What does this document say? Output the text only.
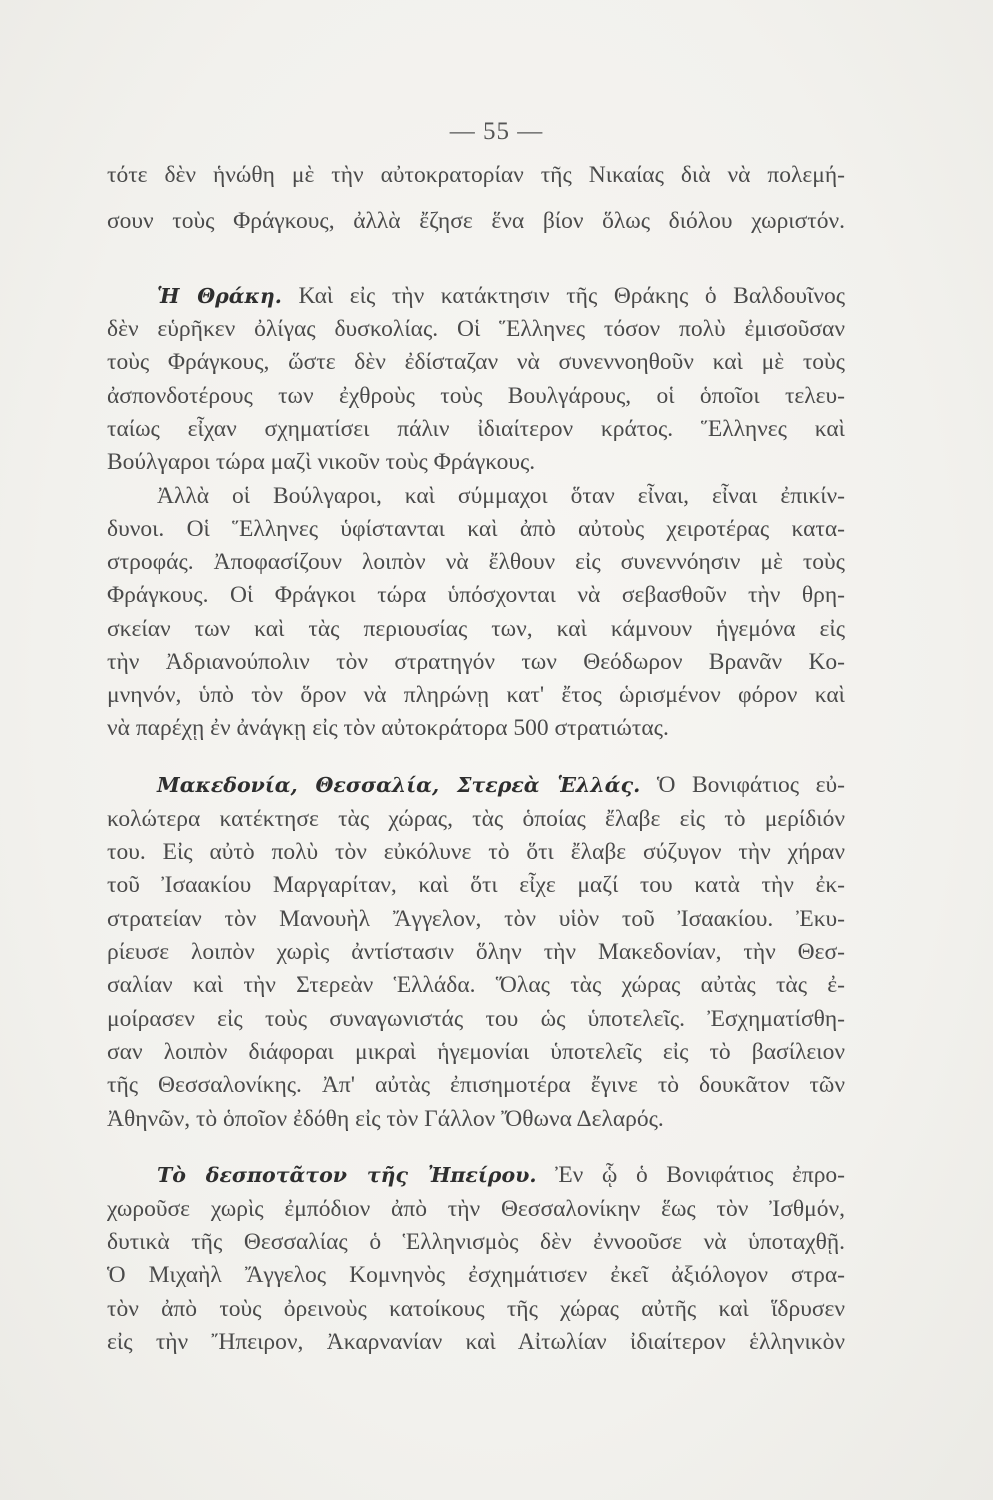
— 55 —
τότε δὲν ἡνώθη μὲ τὴν αὐτοκρατορίαν τῆς Νικαίας διὰ νὰ πολεμή-
σουν τοὺς Φράγκους, ἀλλὰ ἔζησε ἕνα βίον ὅλως διόλου χωριστόν.
Ἡ Θράκη. Καὶ εἰς τὴν κατάκτησιν τῆς Θράκης ὁ Βαλδουῖνος
δὲν εὑρῆκεν ὀλίγας δυσκολίας. Οἱ Ἕλληνες τόσον πολὺ ἐμισοῦσαν
τοὺς Φράγκους, ὥστε δὲν ἐδίσταζαν νὰ συνεννοηθοῦν καὶ μὲ τοὺς
ἀσπονδοτέρους των ἐχθροὺς τοὺς Βουλγάρους, οἱ ὁποῖοι τελευ-
ταίως εἶχαν σχηματίσει πάλιν ἰδιαίτερον κράτος. Ἕλληνες καὶ
Βούλγαροι τώρα μαζὶ νικοῦν τοὺς Φράγκους.
Ἀλλὰ οἱ Βούλγαροι, καὶ σύμμαχοι ὅταν εἶναι, εἶναι ἐπικίν-
δυνοι. Οἱ Ἕλληνες ὑφίστανται καὶ ἀπὸ αὐτοὺς χειροτέρας κατα-
στροφάς. Ἀποφασίζουν λοιπὸν νὰ ἔλθουν εἰς συνεννόησιν μὲ τοὺς
Φράγκους. Οἱ Φράγκοι τώρα ὑπόσχονται νὰ σεβασθοῦν τὴν θρη-
σκείαν των καὶ τὰς περιουσίας των, καὶ κάμνουν ἡγεμόνα εἰς
τὴν Ἀδριανούπολιν τὸν στρατηγόν των Θεόδωρον Βρανᾶν Κο-
μνηνόν, ὑπὸ τὸν ὅρον νὰ πληρώνῃ κατ' ἔτος ὡρισμένον φόρον καὶ
νὰ παρέχῃ ἐν ἀνάγκῃ εἰς τὸν αὐτοκράτορα 500 στρατιώτας.
Μακεδονία, Θεσσαλία, Στερεὰ Ἑλλάς. Ὁ Βονιφάτιος εὐ-
κολώτερα κατέκτησε τὰς χώρας, τὰς ὁποίας ἔλαβε εἰς τὸ μερίδιόν
του. Εἰς αὐτὸ πολὺ τὸν εὐκόλυνε τὸ ὅτι ἔλαβε σύζυγον τὴν χήραν
τοῦ Ἰσαακίου Μαργαρίταν, καὶ ὅτι εἶχε μαζί του κατὰ τὴν ἐκ-
στρατείαν τὸν Μανουὴλ Ἄγγελον, τὸν υἱὸν τοῦ Ἰσαακίου. Ἐκυ-
ρίευσε λοιπὸν χωρὶς ἀντίστασιν ὅλην τὴν Μακεδονίαν, τὴν Θεσ-
σαλίαν καὶ τὴν Στερεὰν Ἑλλάδα. Ὅλας τὰς χώρας αὐτὰς τὰς ἐ-
μοίρασεν εἰς τοὺς συναγωνιστάς του ὡς ὑποτελεῖς. Ἐσχηματίσθη-
σαν λοιπὸν διάφοραι μικραὶ ἡγεμονίαι ὑποτελεῖς εἰς τὸ βασίλειον
τῆς Θεσσαλονίκης. Ἀπ' αὐτὰς ἐπισημοτέρα ἔγινε τὸ δουκᾶτον τῶν
Ἀθηνῶν, τὸ ὁποῖον ἐδόθη εἰς τὸν Γάλλον Ὄθωνα Δελαρός.
Τὸ δεσποτᾶτον τῆς Ἠπείρου. Ἐν ᾧ ὁ Βονιφάτιος ἐπρο-
χωροῦσε χωρὶς ἐμπόδιον ἀπὸ τὴν Θεσσαλονίκην ἕως τὸν Ἰσθμόν,
δυτικὰ τῆς Θεσσαλίας ὁ Ἑλληνισμὸς δὲν ἐννοοῦσε νὰ ὑποταχθῇ.
Ὁ Μιχαὴλ Ἄγγελος Κομνηνὸς ἐσχημάτισεν ἐκεῖ ἀξιόλογον στρα-
τὸν ἀπὸ τοὺς ὀρεινοὺς κατοίκους τῆς χώρας αὐτῆς καὶ ἵδρυσεν
εἰς τὴν Ἤπειρον, Ἀκαρνανίαν καὶ Αἰτωλίαν ἰδιαίτερον ἑλληνικὸν
